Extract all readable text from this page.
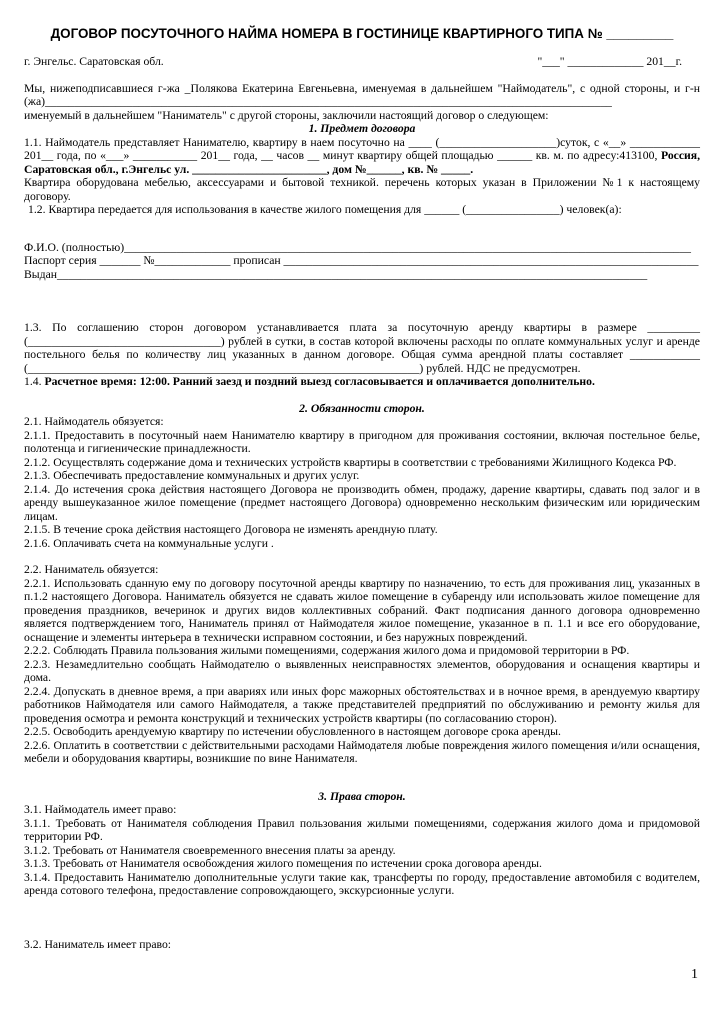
ДОГОВОР ПОСУТОЧНОГО НАЙМА НОМЕРА В ГОСТИНИЦЕ КВАРТИРНОГО ТИПА № _________
г. Энгельс. Саратовская обл.	"___" _____________ 201__г.

Мы, нижеподписавшиеся г-жа _Полякова Екатерина Евгеньевна, именуемая в дальнейшем "Наймодатель", с одной стороны, и г-н (жа)_________________________________________________________________________________________________

именуемый в дальнейшем "Наниматель" с другой стороны, заключили настоящий договор о следующем:

1. Предмет договора

1.1. Наймодатель представляет Нанимателю, квартиру в наем посуточно на ____ (____________________)суток, с «__» ____________ 201__ года, по «___» ___________ 201__ года, __ часов __ минут квартиру общей площадью ______ кв. м. по адресу:413100, Россия, Саратовская обл., г.Энгельс ул. _______________________, дом №______, кв. № _____.

Квартира оборудована мебелью, аксессуарами и бытовой техникой. перечень которых указан в Приложении №1 к настоящему договору.

1.2. Квартира передается для использования в качестве жилого помещения для ______ (________________) человек(а):

Ф.И.О. (полностью)_________________________________________________________________________________________________

Паспорт серия _______ №_____________ прописан _______________________________________________________________________

Выдан_____________________________________________________________________________________________________

1.3. По соглашению сторон договором устанавливается плата за посуточную аренду квартиры в размере _________ (_________________________________) рублей в сутки, в состав которой включены расходы по оплате коммунальных услуг и аренде постельного белья по количеству лиц указанных в данном договоре. Общая сумма арендной платы составляет ____________ (___________________________________________________________________) рублей. НДС не предусмотрен.

1.4. Расчетное время: 12:00. Ранний заезд и поздний выезд согласовывается и оплачивается дополнительно.

2. Обязанности сторон.

2.1. Наймодатель обязуется:

2.1.1. Предоставить в посуточный наем Нанимателю квартиру в пригодном для проживания состоянии, включая постельное белье, полотенца и гигиенические принадлежности.

2.1.2. Осуществлять содержание дома и технических устройств квартиры в соответствии с требованиями Жилищного Кодекса РФ.

2.1.3. Обеспечивать предоставление коммунальных и других услуг.

2.1.4. До истечения срока действия настоящего Договора не производить обмен, продажу, дарение квартиры, сдавать под залог и в аренду вышеуказанное жилое помещение (предмет настоящего Договора) одновременно нескольким физическим или юридическим лицам.

2.1.5. В течение срока действия настоящего Договора не изменять арендную плату.

2.1.6. Оплачивать счета на коммунальные услуги .

2.2. Наниматель обязуется:

2.2.1. Использовать сданную ему по договору посуточной аренды квартиру по назначению, то есть для проживания лиц, указанных в п.1.2 настоящего Договора. Наниматель обязуется не сдавать жилое помещение в субаренду или использовать жилое помещение для проведения праздников, вечеринок и других видов коллективных собраний. Факт подписания данного договора одновременно является подтверждением того, Наниматель принял от Наймодателя жилое помещение, указанное в п. 1.1 и все его оборудование, оснащение и элементы интерьера в технически исправном состоянии, и без наружных повреждений.

2.2.2. Соблюдать Правила пользования жилыми помещениями, содержания жилого дома и придомовой территории в РФ.

2.2.3. Незамедлительно сообщать Наймодателю о выявленных неисправностях элементов, оборудования и оснащения квартиры и дома.

2.2.4. Допускать в дневное время, а при авариях или иных форс мажорных обстоятельствах и в ночное время, в арендуемую квартиру работников Наймодателя или самого Наймодателя, а также представителей предприятий по обслуживанию и ремонту жилья для проведения осмотра и ремонта конструкций и технических устройств квартиры (по согласованию сторон).

2.2.5. Освободить арендуемую квартиру по истечении обусловленного в настоящем договоре срока аренды.

2.2.6. Оплатить в соответствии с действительными расходами Наймодателя любые повреждения жилого помещения и/или оснащения, мебели и оборудования квартиры, возникшие по вине Нанимателя.

3. Права сторон.

3.1. Наймодатель имеет право:

3.1.1. Требовать от Нанимателя соблюдения Правил пользования жилыми помещениями, содержания жилого дома и придомовой территории РФ.

3.1.2. Требовать от Нанимателя своевременного внесения платы за аренду.

3.1.3. Требовать от Нанимателя освобождения жилого помещения по истечении срока договора аренды.

3.1.4. Предоставить Нанимателю дополнительные услуги такие как, трансферты по городу, предоставление автомобиля с водителем, аренда сотового телефона, предоставление сопровождающего, экскурсионные услуги.

3.2. Наниматель имеет право:

1
